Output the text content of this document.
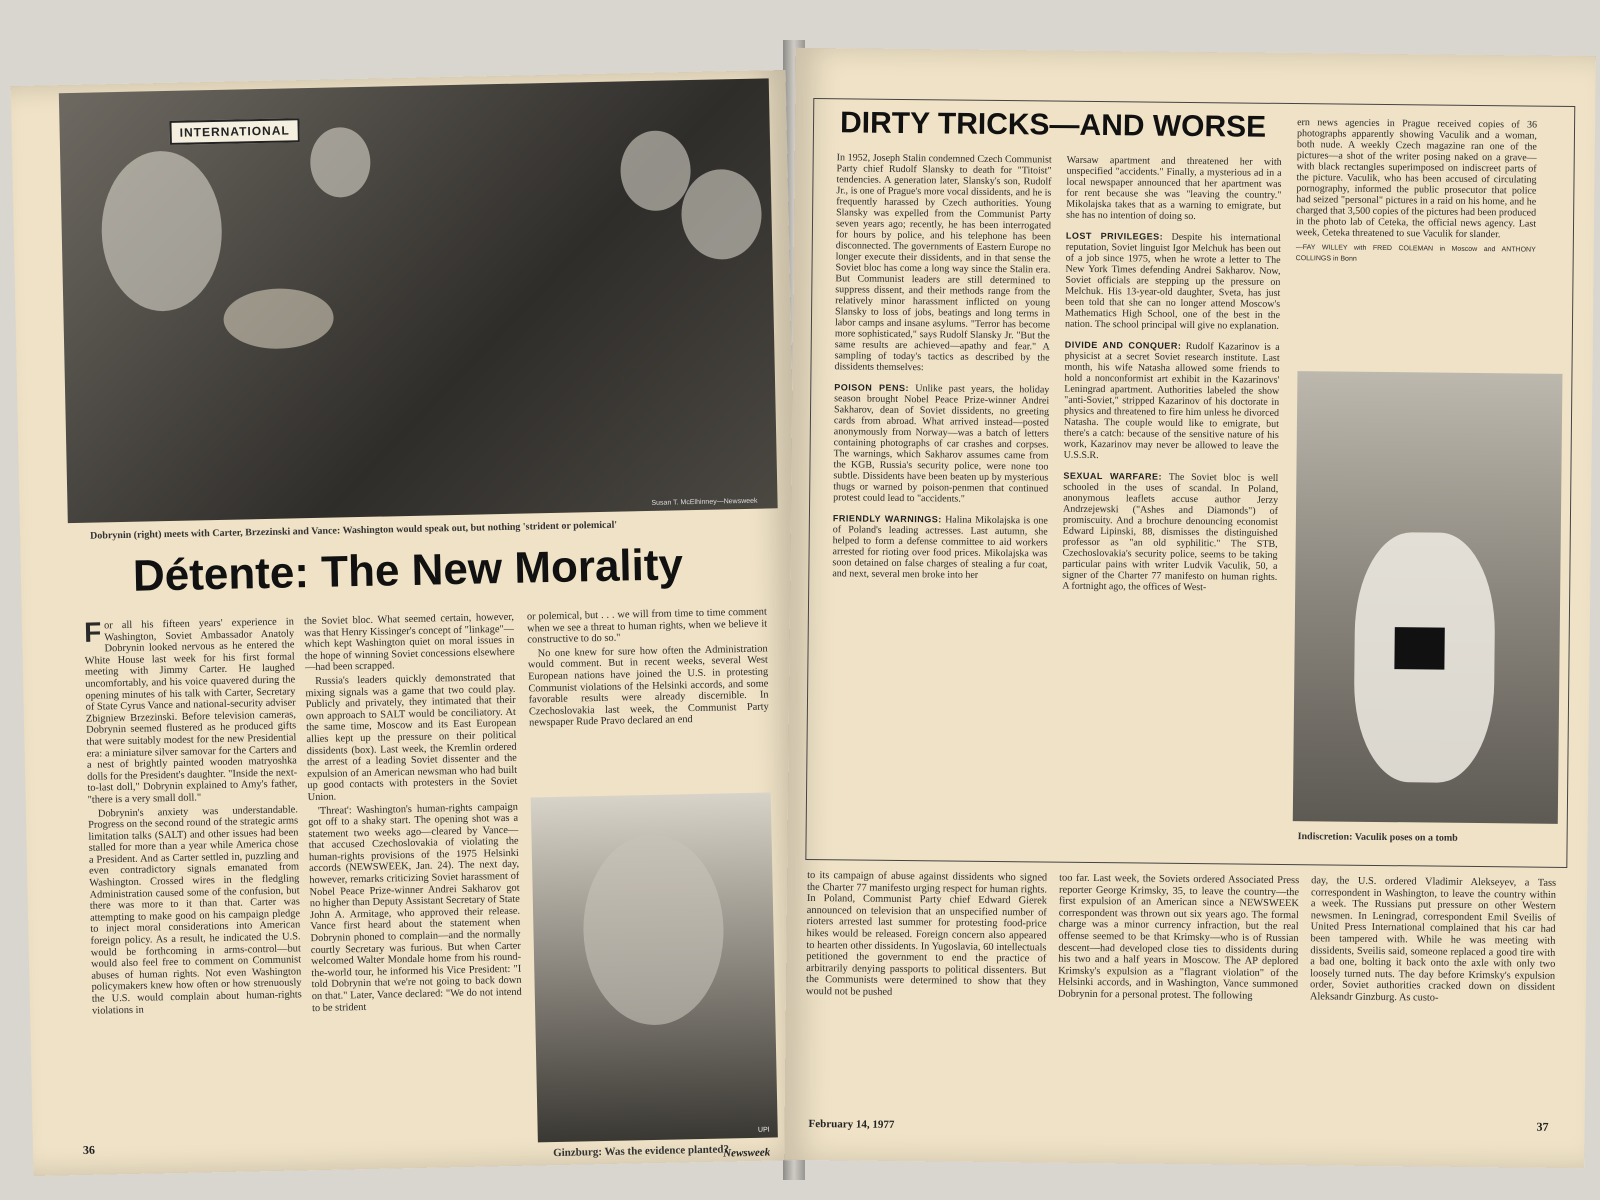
INTERNATIONAL
Susan T. McElhinney—Newsweek
Dobrynin (right) meets with Carter, Brzezinski and Vance: Washington would speak out, but nothing 'strident or polemical'
Détente: The New Morality

For all his fifteen years' experience in Washington, Soviet Ambassador Anatoly Dobrynin looked nervous as he entered the White House last week for his first formal meeting with Jimmy Carter. He laughed uncomfortably, and his voice quavered during the opening minutes of his talk with Carter, Secretary of State Cyrus Vance and national-security adviser Zbigniew Brzezinski. Before television cameras, Dobrynin seemed flustered as he produced gifts that were suitably modest for the new Presidential era: a miniature silver samovar for the Carters and a nest of brightly painted wooden matryoshka dolls for the President's daughter. "Inside the next-to-last doll," Dobrynin explained to Amy's father, "there is a very small doll."

Dobrynin's anxiety was understandable. Progress on the second round of the strategic arms limitation talks (SALT) and other issues had been stalled for more than a year while America chose a President. And as Carter settled in, puzzling and even contradictory signals emanated from Washington. Crossed wires in the fledgling Administration caused some of the confusion, but there was more to it than that. Carter was attempting to make good on his campaign pledge to inject moral considerations into American foreign policy. As a result, he indicated the U.S. would be forthcoming in arms-control—but would also feel free to comment on Communist abuses of human rights. Not even Washington policymakers knew how often or how strenuously the U.S. would complain about human-rights violations in

the Soviet bloc. What seemed certain, however, was that Henry Kissinger's concept of "linkage"—which kept Washington quiet on moral issues in the hope of winning Soviet concessions elsewhere—had been scrapped.

Russia's leaders quickly demonstrated that mixing signals was a game that two could play. Publicly and privately, they intimated that their own approach to SALT would be conciliatory. At the same time, Moscow and its East European allies kept up the pressure on their political dissidents (box). Last week, the Kremlin ordered the arrest of a leading Soviet dissenter and the expulsion of an American newsman who had built up good contacts with protesters in the Soviet Union.

'Threat': Washington's human-rights campaign got off to a shaky start. The opening shot was a statement two weeks ago—cleared by Vance—that accused Czechoslovakia of violating the human-rights provisions of the 1975 Helsinki accords (NEWSWEEK, Jan. 24). The next day, however, remarks criticizing Soviet harassment of Nobel Peace Prize-winner Andrei Sakharov got no higher than Deputy Assistant Secretary of State John A. Armitage, who approved their release. Vance first heard about the statement when Dobrynin phoned to complain—and the normally courtly Secretary was furious. But when Carter welcomed Walter Mondale home from his round-the-world tour, he informed his Vice President: "I told Dobrynin that we're not going to back down on that." Later, Vance declared: "We do not intend to be strident

or polemical, but . . . we will from time to time comment when we see a threat to human rights, when we believe it constructive to do so."

No one knew for sure how often the Administration would comment. But in recent weeks, several West European nations have joined the U.S. in protesting Communist violations of the Helsinki accords, and some favorable results were already discernible. In Czechoslovakia last week, the Communist Party newspaper Rude Pravo declared an end

UPI
Ginzburg: Was the evidence planted?
36	Newsweek
DIRTY TRICKS—AND WORSE

In 1952, Joseph Stalin condemned Czech Communist Party chief Rudolf Slansky to death for "Titoist" tendencies. A generation later, Slansky's son, Rudolf Jr., is one of Prague's more vocal dissidents, and he is frequently harassed by Czech authorities. Young Slansky was expelled from the Communist Party seven years ago; recently, he has been interrogated for hours by police, and his telephone has been disconnected. The governments of Eastern Europe no longer execute their dissidents, and in that sense the Soviet bloc has come a long way since the Stalin era. But Communist leaders are still determined to suppress dissent, and their methods range from the relatively minor harassment inflicted on young Slansky to loss of jobs, beatings and long terms in labor camps and insane asylums. "Terror has become more sophisticated," says Rudolf Slansky Jr. "But the same results are achieved—apathy and fear." A sampling of today's tactics as described by the dissidents themselves:

POISON PENS: Unlike past years, the holiday season brought Nobel Peace Prize-winner Andrei Sakharov, dean of Soviet dissidents, no greeting cards from abroad. What arrived instead—posted anonymously from Norway—was a batch of letters containing photographs of car crashes and corpses. The warnings, which Sakharov assumes came from the KGB, Russia's security police, were none too subtle. Dissidents have been beaten up by mysterious thugs or warned by poison-penmen that continued protest could lead to "accidents."

FRIENDLY WARNINGS: Halina Mikolajska is one of Poland's leading actresses. Last autumn, she helped to form a defense committee to aid workers arrested for rioting over food prices. Mikolajska was soon detained on false charges of stealing a fur coat, and next, several men broke into her

Warsaw apartment and threatened her with unspecified "accidents." Finally, a mysterious ad in a local newspaper announced that her apartment was for rent because she was "leaving the country." Mikolajska takes that as a warning to emigrate, but she has no intention of doing so.

LOST PRIVILEGES: Despite his international reputation, Soviet linguist Igor Melchuk has been out of a job since 1975, when he wrote a letter to The New York Times defending Andrei Sakharov. Now, Soviet officials are stepping up the pressure on Melchuk. His 13-year-old daughter, Sveta, has just been told that she can no longer attend Moscow's Mathematics High School, one of the best in the nation. The school principal will give no explanation.

DIVIDE AND CONQUER: Rudolf Kazarinov is a physicist at a secret Soviet research institute. Last month, his wife Natasha allowed some friends to hold a nonconformist art exhibit in the Kazarinovs' Leningrad apartment. Authorities labeled the show "anti-Soviet," stripped Kazarinov of his doctorate in physics and threatened to fire him unless he divorced Natasha. The couple would like to emigrate, but there's a catch: because of the sensitive nature of his work, Kazarinov may never be allowed to leave the U.S.S.R.

SEXUAL WARFARE: The Soviet bloc is well schooled in the uses of scandal. In Poland, anonymous leaflets accuse author Jerzy Andrzejewski ("Ashes and Diamonds") of promiscuity. And a brochure denouncing economist Edward Lipinski, 88, dismisses the distinguished professor as "an old syphilitic." The STB, Czechoslovakia's security police, seems to be taking particular pains with writer Ludvik Vaculik, 50, a signer of the Charter 77 manifesto on human rights. A fortnight ago, the offices of West-

ern news agencies in Prague received copies of 36 photographs apparently showing Vaculik and a woman, both nude. A weekly Czech magazine ran one of the pictures—a shot of the writer posing naked on a grave—with black rectangles superimposed on indiscreet parts of the picture. Vaculik, who has been accused of circulating pornography, informed the public prosecutor that police had seized "personal" pictures in a raid on his home, and he charged that 3,500 copies of the pictures had been produced in the photo lab of Ceteka, the official news agency. Last week, Ceteka threatened to sue Vaculik for slander.

—FAY WILLEY with FRED COLEMAN in Moscow and ANTHONY COLLINGS in Bonn

Indiscretion: Vaculik poses on a tomb

to its campaign of abuse against dissidents who signed the Charter 77 manifesto urging respect for human rights. In Poland, Communist Party chief Edward Gierek announced on television that an unspecified number of rioters arrested last summer for protesting food-price hikes would be released. Foreign concern also appeared to hearten other dissidents. In Yugoslavia, 60 intellectuals petitioned the government to end the practice of arbitrarily denying passports to political dissenters. But the Communists were determined to show that they would not be pushed

too far. Last week, the Soviets ordered Associated Press reporter George Krimsky, 35, to leave the country—the first expulsion of an American since a NEWSWEEK correspondent was thrown out six years ago. The formal charge was a minor currency infraction, but the real offense seemed to be that Krimsky—who is of Russian descent—had developed close ties to dissidents during his two and a half years in Moscow. The AP deplored Krimsky's expulsion as a "flagrant violation" of the Helsinki accords, and in Washington, Vance summoned Dobrynin for a personal protest. The following

day, the U.S. ordered Vladimir Alekseyev, a Tass correspondent in Washington, to leave the country within a week. The Russians put pressure on other Western newsmen. In Leningrad, correspondent Emil Sveilis of United Press International complained that his car had been tampered with. While he was meeting with dissidents, Sveilis said, someone replaced a good tire with a bad one, bolting it back onto the axle with only two loosely turned nuts. The day before Krimsky's expulsion order, Soviet authorities cracked down on dissident Aleksandr Ginzburg. As custo-

February 14, 1977	37
